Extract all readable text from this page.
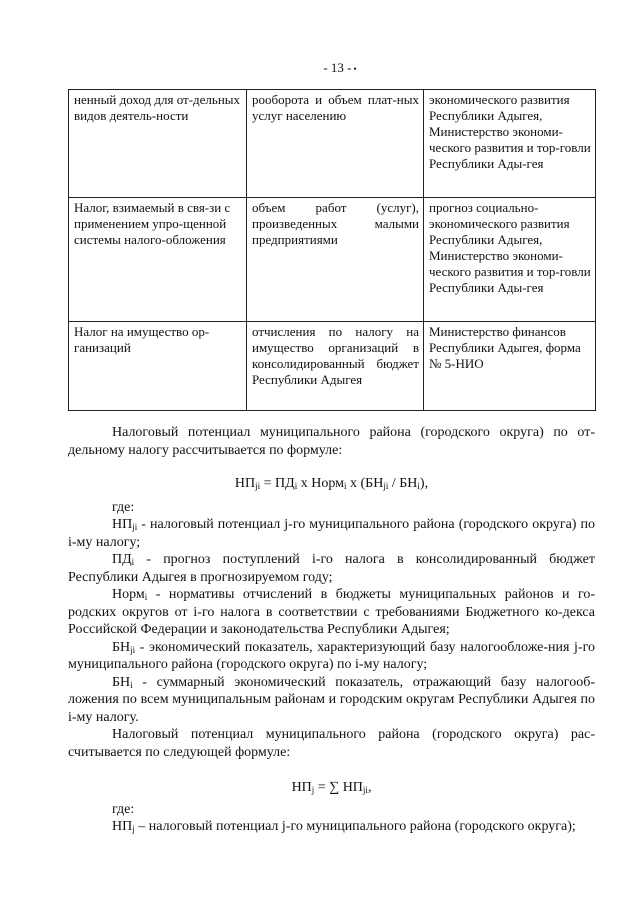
- 13 - •
ненный доход для от-дельных видов деятель-ности	рооборота и объем плат-ных услуг населению	экономического развития Республики Адыгея, Министерство экономи-ческого развития и тор-говли Республики Ады-гея
Налог, взимаемый в свя-зи с применением упро-щенной системы налого-обложения	объем работ (услуг), произведенных малыми предприятиями	прогноз социально-экономического развития Республики Адыгея, Министерство экономи-ческого развития и тор-говли Республики Ады-гея
Налог на имущество ор-ганизаций	отчисления по налогу на имущество организаций в консолидированный бюджет Республики Адыгея	Министерство финансов Республики Адыгея, форма № 5-НИО

Налоговый потенциал муниципального района (городского округа) по от-дельному налогу рассчитывается по формуле:

$НП_{ji} = ПД_i$ x Норм$_i$ x $(БН_{ji} / БН_i)$,

где:

$НП_{ji}$ - налоговый потенциал j-го муниципального района (городского округа) по i-му налогу;

$ПД_i$ - прогноз поступлений i-го налога в консолидированный бюджет Республики Адыгея в прогнозируемом году;

Норм$_i$ - нормативы отчислений в бюджеты муниципальных районов и го-родских округов от i-го налога в соответствии с требованиями Бюджетного ко-декса Российской Федерации и законодательства Республики Адыгея;

$БН_{ji}$ - экономический показатель, характеризующий базу налогообложе-ния j-го муниципального района (городского округа) по i-му налогу;

$БН_i$ - суммарный экономический показатель, отражающий базу налогооб-ложения по всем муниципальным районам и городским округам Республики Адыгея по i-му налогу.

Налоговый потенциал муниципального района (городского округа) рас-считывается по следующей формуле:

$НП_j$ = ∑ $НП_{ji}$,

где:

$НП_j$ – налоговый потенциал j-го муниципального района (городского округа);
